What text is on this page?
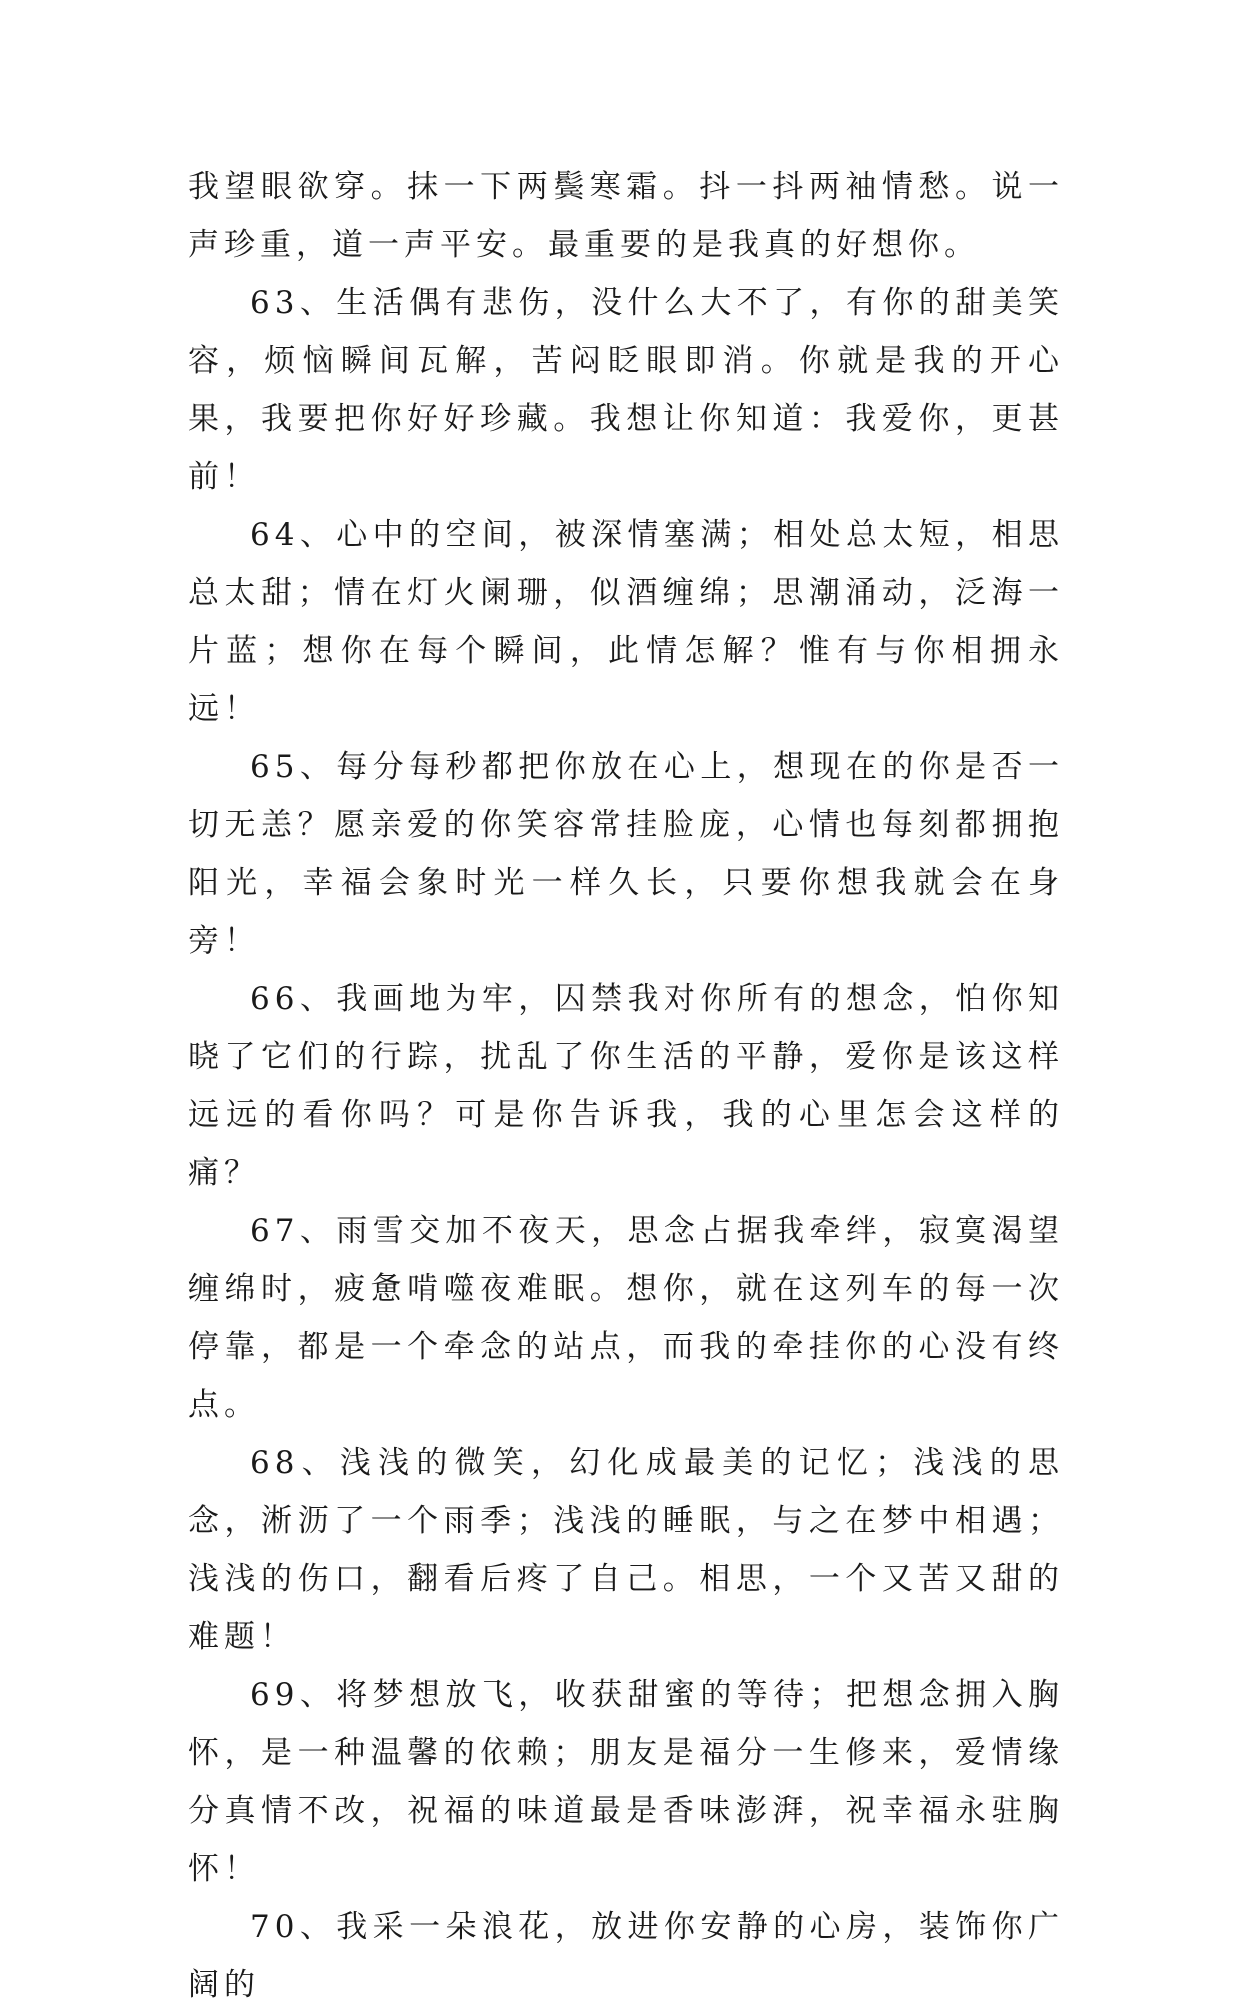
我望眼欲穿。抹一下两鬓寒霜。抖一抖两袖情愁。说一声珍重，道一声平安。最重要的是我真的好想你。

63、生活偶有悲伤，没什么大不了，有你的甜美笑容，烦恼瞬间瓦解，苦闷眨眼即消。你就是我的开心果，我要把你好好珍藏。我想让你知道：我爱你，更甚前！

64、心中的空间，被深情塞满；相处总太短，相思总太甜；情在灯火阑珊，似酒缠绵；思潮涌动，泛海一片蓝；想你在每个瞬间，此情怎解？惟有与你相拥永远！

65、每分每秒都把你放在心上，想现在的你是否一切无恙？愿亲爱的你笑容常挂脸庞，心情也每刻都拥抱阳光，幸福会象时光一样久长，只要你想我就会在身旁！

66、我画地为牢，囚禁我对你所有的想念，怕你知晓了它们的行踪，扰乱了你生活的平静，爱你是该这样远远的看你吗？可是你告诉我，我的心里怎会这样的痛？

67、雨雪交加不夜天，思念占据我牵绊，寂寞渴望缠绵时，疲惫啃噬夜难眠。想你，就在这列车的每一次停靠，都是一个牵念的站点，而我的牵挂你的心没有终点。

68、浅浅的微笑，幻化成最美的记忆；浅浅的思念，淅沥了一个雨季；浅浅的睡眠，与之在梦中相遇；浅浅的伤口，翻看后疼了自己。相思，一个又苦又甜的难题！

69、将梦想放飞，收获甜蜜的等待；把想念拥入胸怀，是一种温馨的依赖；朋友是福分一生修来，爱情缘分真情不改，祝福的味道最是香味澎湃，祝幸福永驻胸怀！

70、我采一朵浪花，放进你安静的心房，装饰你广阔的
